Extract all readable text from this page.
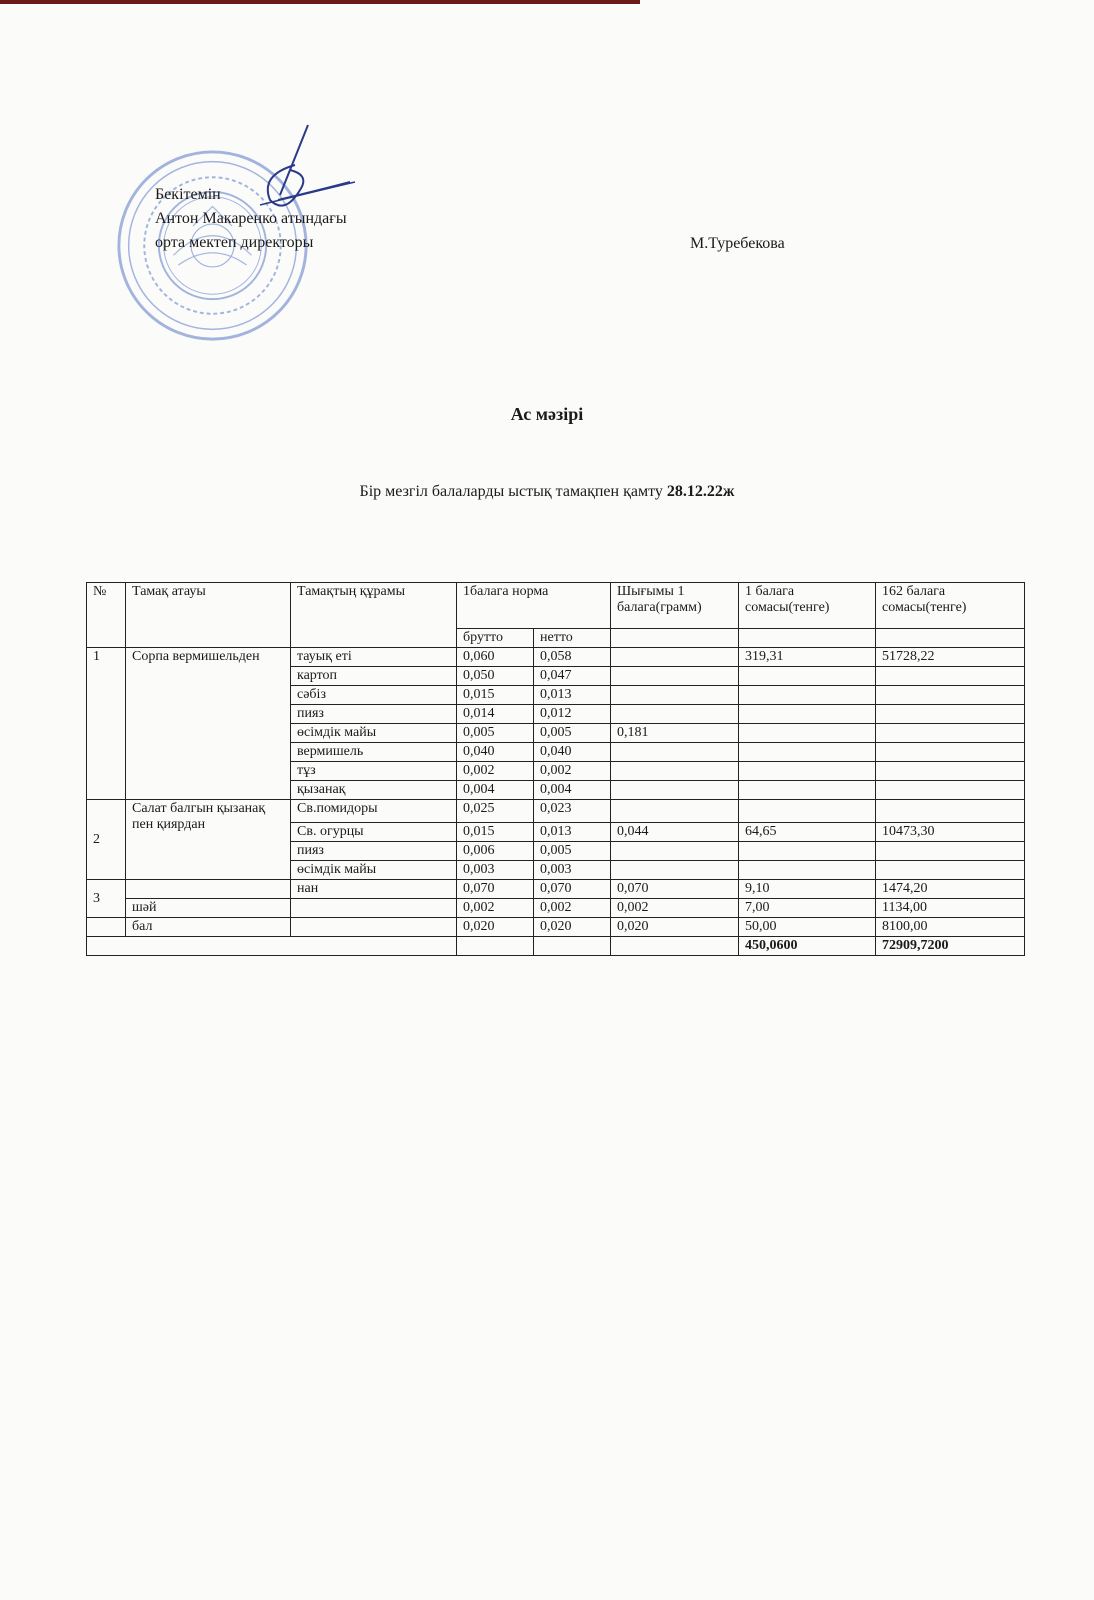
Бекітемін
Антон Макаренко атындағы
орта мектеп директоры	М.Туребекова
Ас мәзірі
Бір мезгіл балаларды ыстық тамақпен қамту 28.12.22ж
№	Тамақ атауы	Тамақтың құрамы	1балага норма		Шығымы 1 балага(грамм)	1 балага сомасы(тенге)	162 балага сомасы(тенге)
			брутто	нетто			
1	Сорпа вермишельден	тауық еті	0,060	0,058		319,31	51728,22
		картоп	0,050	0,047			
		сәбіз	0,015	0,013			
		пияз	0,014	0,012			
		өсімдік майы	0,005	0,005	0,181		
		вермишель	0,040	0,040			
		тұз	0,002	0,002			
		қызанақ	0,004	0,004			
2	Салат балгын қызанақ пен қиярдан	Св.помидоры	0,025	0,023			
		Св. огурцы	0,015	0,013	0,044	64,65	10473,30
		пияз	0,006	0,005			
		өсімдік майы	0,003	0,003			
3		нан	0,070	0,070	0,070	9,10	1474,20
	шәй		0,002	0,002	0,002	7,00	1134,00
	бал		0,020	0,020	0,020	50,00	8100,00
						450,0600	72909,7200
